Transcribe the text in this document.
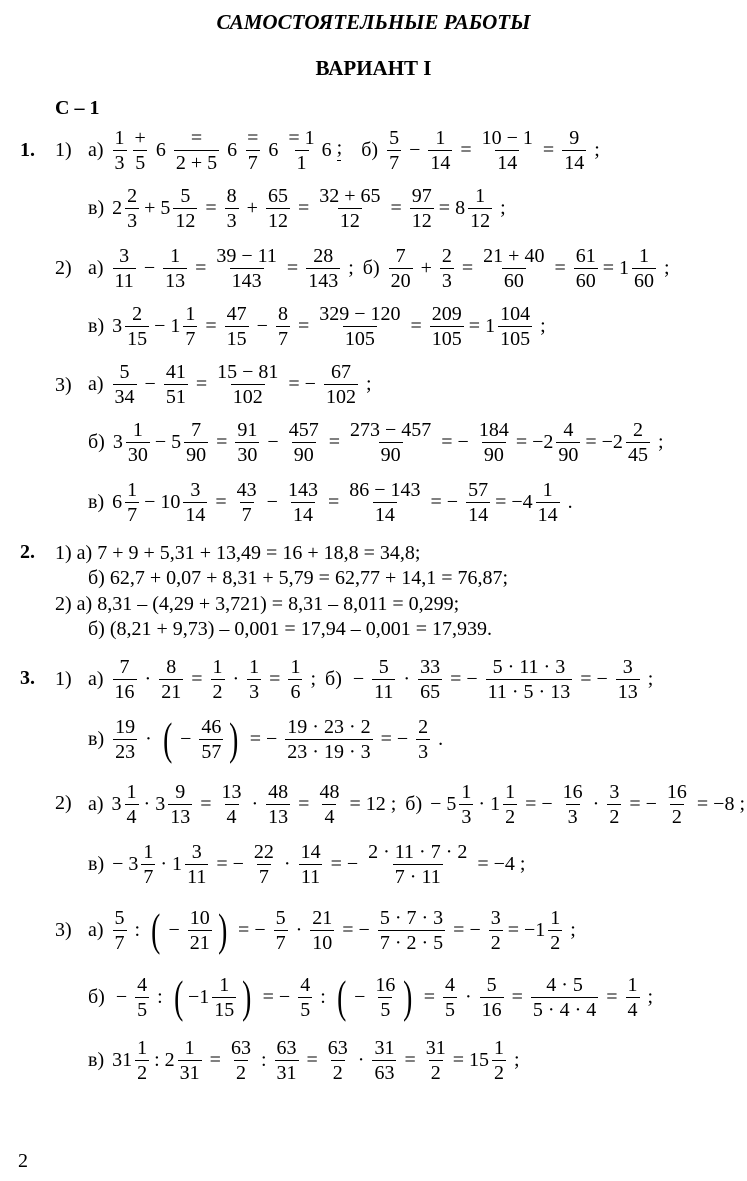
САМОСТОЯТЕЛЬНЫЕ РАБОТЫ
ВАРИАНТ I
С – 1
1. 1)
2)
3)
$а) \frac{1}{3} \frac{+}{5} 6 \frac{=}{2 + 5} 6 \frac{=}{7} 6 \frac{= 1}{1} 6$ ; $б) \frac{5}{7} - \frac{1}{14} = \frac{10 - 1}{14} = \frac{9}{14}$ ;
в) $2 \frac{2}{3} + 5 \frac{5}{12} = \frac{8}{3} + \frac{65}{12} = \frac{32 + 65}{12} = \frac{97}{12} = 8 \frac{1}{12}$ ;
$а) \frac{3}{11} - \frac{1}{13} = \frac{39 - 11}{143} = \frac{28}{143}$ ; $б) \frac{7}{20} + \frac{2}{3} = \frac{21 + 40}{60} = \frac{61}{60} = 1 \frac{1}{60}$ ;
в) $3 \frac{2}{15} - 1 \frac{1}{7} = \frac{47}{15} - \frac{8}{7} = \frac{329 - 120}{105} = \frac{209}{105} = 1 \frac{104}{105}$ ;
$а) \frac{5}{34} - \frac{41}{51} = \frac{15 - 81}{102}$ = − $\frac{67}{102}$ ;
б) $3 \frac{1}{30} - 5 \frac{7}{90} = \frac{91}{30} - \frac{457}{90} = \frac{273 - 457}{90}$ = − $\frac{184}{90} = -2 \frac{4}{90} = -2 \frac{2}{45}$ ;
в) $6 \frac{1}{7} - 10 \frac{3}{14} = \frac{43}{7} - \frac{143}{14} = \frac{86 - 143}{14}$ = − $\frac{57}{14} = -4 \frac{1}{14}$ .
2. 1) а) 7 + 9 + 5,31 + 13,49 = 16 + 18,8 = 34,8;
б) 62,7 + 0,07 + 8,31 + 5,79 = 62,77 + 14,1 = 76,87;
2) а) 8,31 – (4,29 + 3,721) = 8,31 – 8,011 = 0,299;
б) (8,21 + 9,73) – 0,001 = 17,94 – 0,001 = 17,939.
3. 1)
2)
3)
$а) \frac{7}{16} \cdot \frac{8}{21} = \frac{1}{2} \cdot \frac{1}{3} = \frac{1}{6}$ ; $б) - \frac{5}{11} \cdot \frac{33}{65}$ = − $\frac{5 \cdot 11 \cdot 3}{11 \cdot 5 \cdot 13}$ = − $\frac{3}{13}$ ;
$в) \frac{19}{23}$ · ( − $\frac{46}{57}$ ) = − $\frac{19 \cdot 23 \cdot 2}{23 \cdot 19 \cdot 3}$ = − $\frac{2}{3}$ .
а) $3 \frac{1}{4} \cdot 3 \frac{9}{13} = \frac{13}{4} \cdot \frac{48}{13} = \frac{48}{4} = 12$ ; $б) - 5 \frac{1}{3} \cdot 1 \frac{1}{2}$ = − $\frac{16}{3} \cdot \frac{3}{2}$ = − $\frac{16}{2} = -8$ ;
$в) - 3 \frac{1}{7} \cdot 1 \frac{3}{11}$ = − $\frac{22}{7} \cdot \frac{14}{11}$ = − $\frac{2 \cdot 11 \cdot 7 \cdot 2}{7 \cdot 11} = -4$ ;
$а) \frac{5}{7}$ : ( − $\frac{10}{21}$ ) = − $\frac{5}{7} \cdot \frac{21}{10}$ = − $\frac{5 \cdot 7 \cdot 3}{7 \cdot 2 \cdot 5}$ = − $\frac{3}{2} = -1 \frac{1}{2}$ ;
$б) - \frac{4}{5}$ : ( $-1 \frac{1}{15}$ ) = − $\frac{4}{5}$ : ( − $\frac{16}{5}$ ) = $\frac{4}{5} \cdot \frac{5}{16} = \frac{4 \cdot 5}{5 \cdot 4 \cdot 4} = \frac{1}{4}$ ;
в) $31 \frac{1}{2}$ : $2 \frac{1}{31} = \frac{63}{2}$ : $\frac{63}{31} = \frac{63}{2} \cdot \frac{31}{63} = \frac{31}{2} = 15 \frac{1}{2}$ ;
2
